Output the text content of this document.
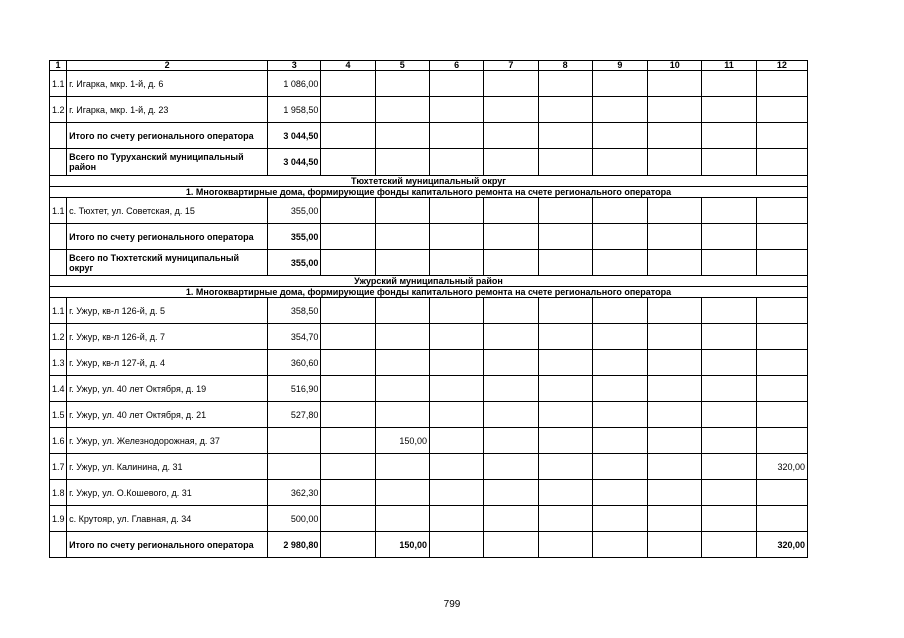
1	2	3	4	5	6	7	8	9	10	11	12
1.1	г. Игарка, мкр. 1-й, д. 6	1 086,00									
1.2	г. Игарка, мкр. 1-й, д. 23	1 958,50									
	Итого по счету регионального оператора	3 044,50									
	Всего по Туруханский муниципальный район	3 044,50									
Тюхтетский муниципальный округ											
1. Многоквартирные дома, формирующие фонды капитального ремонта на счете регионального оператора											
1.1	с. Тюхтет, ул. Советская, д. 15	355,00									
	Итого по счету регионального оператора	355,00									
	Всего по Тюхтетский муниципальный округ	355,00									
Ужурский муниципальный район											
1. Многоквартирные дома, формирующие фонды капитального ремонта на счете регионального оператора											
1.1	г. Ужур, кв-л 126-й, д. 5	358,50									
1.2	г. Ужур, кв-л 126-й, д. 7	354,70									
1.3	г. Ужур, кв-л 127-й, д. 4	360,60									
1.4	г. Ужур, ул. 40 лет Октября, д. 19	516,90									
1.5	г. Ужур, ул. 40 лет Октября, д. 21	527,80									
1.6	г. Ужур, ул. Железнодорожная, д. 37			150,00							
1.7	г. Ужур, ул. Калинина, д. 31										320,00
1.8	г. Ужур, ул. О.Кошевого, д. 31	362,30									
1.9	с. Крутояр, ул. Главная, д. 34	500,00									
	Итого по счету регионального оператора	2 980,80		150,00							320,00
799
